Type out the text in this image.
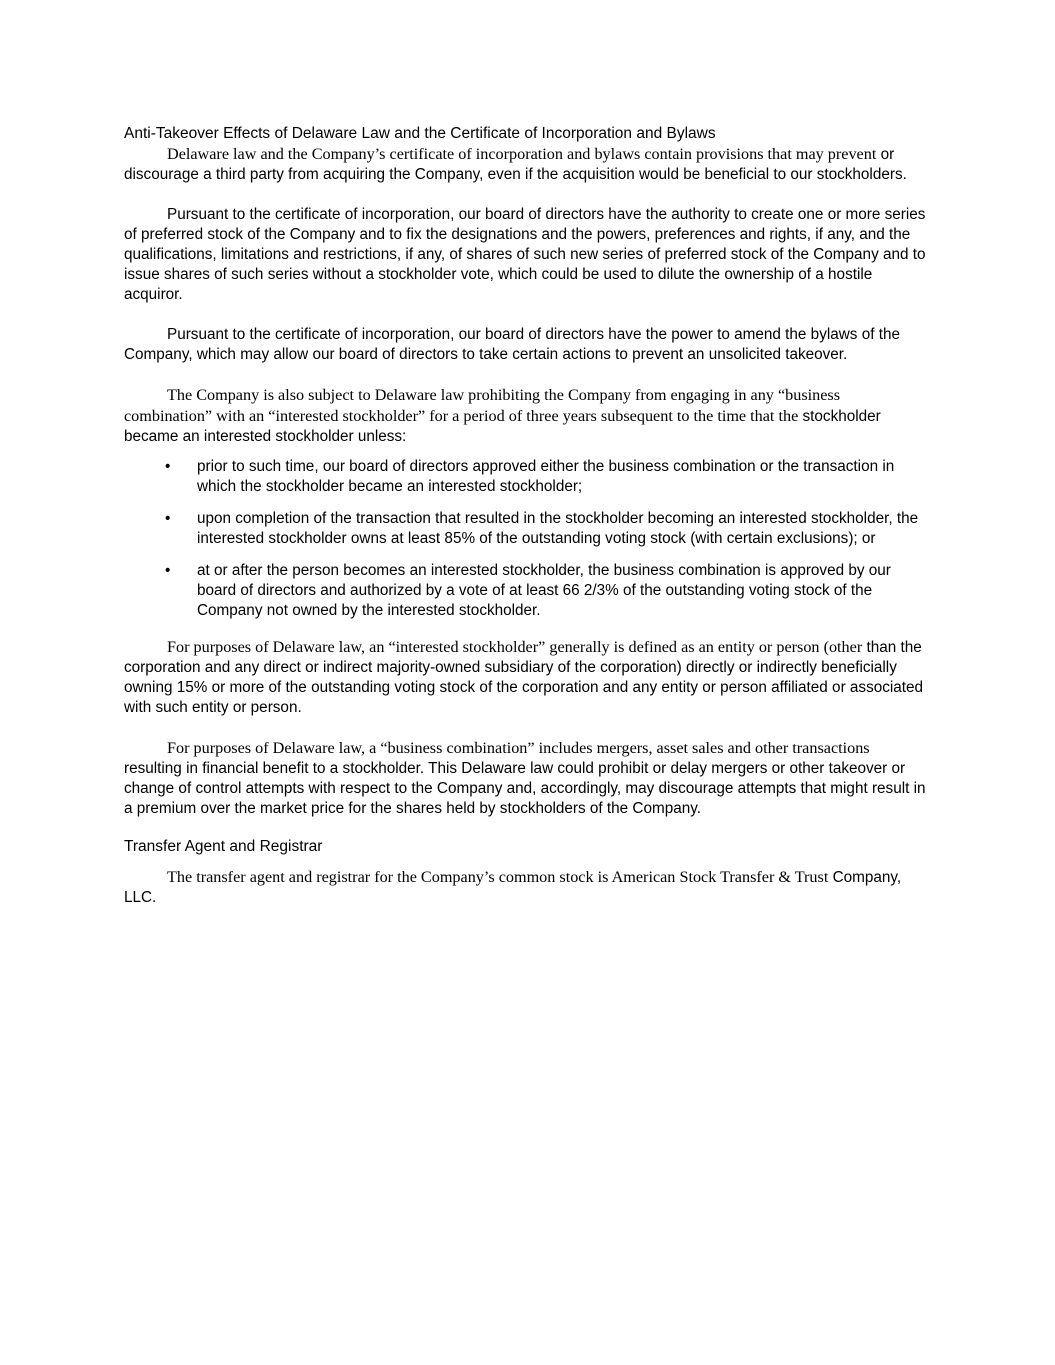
Anti-Takeover Effects of Delaware Law and the Certificate of Incorporation and Bylaws

Delaware law and the Company’s certificate of incorporation and bylaws contain provisions that may prevent or discourage a third party from acquiring the Company, even if the acquisition would be beneficial to our stockholders.

Pursuant to the certificate of incorporation, our board of directors have the authority to create one or more series of preferred stock of the Company and to fix the designations and the powers, preferences and rights, if any, and the qualifications, limitations and restrictions, if any, of shares of such new series of preferred stock of the Company and to issue shares of such series without a stockholder vote, which could be used to dilute the ownership of a hostile acquiror.

Pursuant to the certificate of incorporation, our board of directors have the power to amend the bylaws of the Company, which may allow our board of directors to take certain actions to prevent an unsolicited takeover.

The Company is also subject to Delaware law prohibiting the Company from engaging in any “business combination” with an “interested stockholder” for a period of three years subsequent to the time that the stockholder became an interested stockholder unless:

• prior to such time, our board of directors approved either the business combination or the transaction in which the stockholder became an interested stockholder;
• upon completion of the transaction that resulted in the stockholder becoming an interested stockholder, the interested stockholder owns at least 85% of the outstanding voting stock (with certain exclusions); or
• at or after the person becomes an interested stockholder, the business combination is approved by our board of directors and authorized by a vote of at least 66 2/3% of the outstanding voting stock of the Company not owned by the interested stockholder.

For purposes of Delaware law, an “interested stockholder” generally is defined as an entity or person (other than the corporation and any direct or indirect majority-owned subsidiary of the corporation) directly or indirectly beneficially owning 15% or more of the outstanding voting stock of the corporation and any entity or person affiliated or associated with such entity or person.

For purposes of Delaware law, a “business combination” includes mergers, asset sales and other transactions resulting in financial benefit to a stockholder. This Delaware law could prohibit or delay mergers or other takeover or change of control attempts with respect to the Company and, accordingly, may discourage attempts that might result in a premium over the market price for the shares held by stockholders of the Company.

Transfer Agent and Registrar

The transfer agent and registrar for the Company’s common stock is American Stock Transfer & Trust Company, LLC.
